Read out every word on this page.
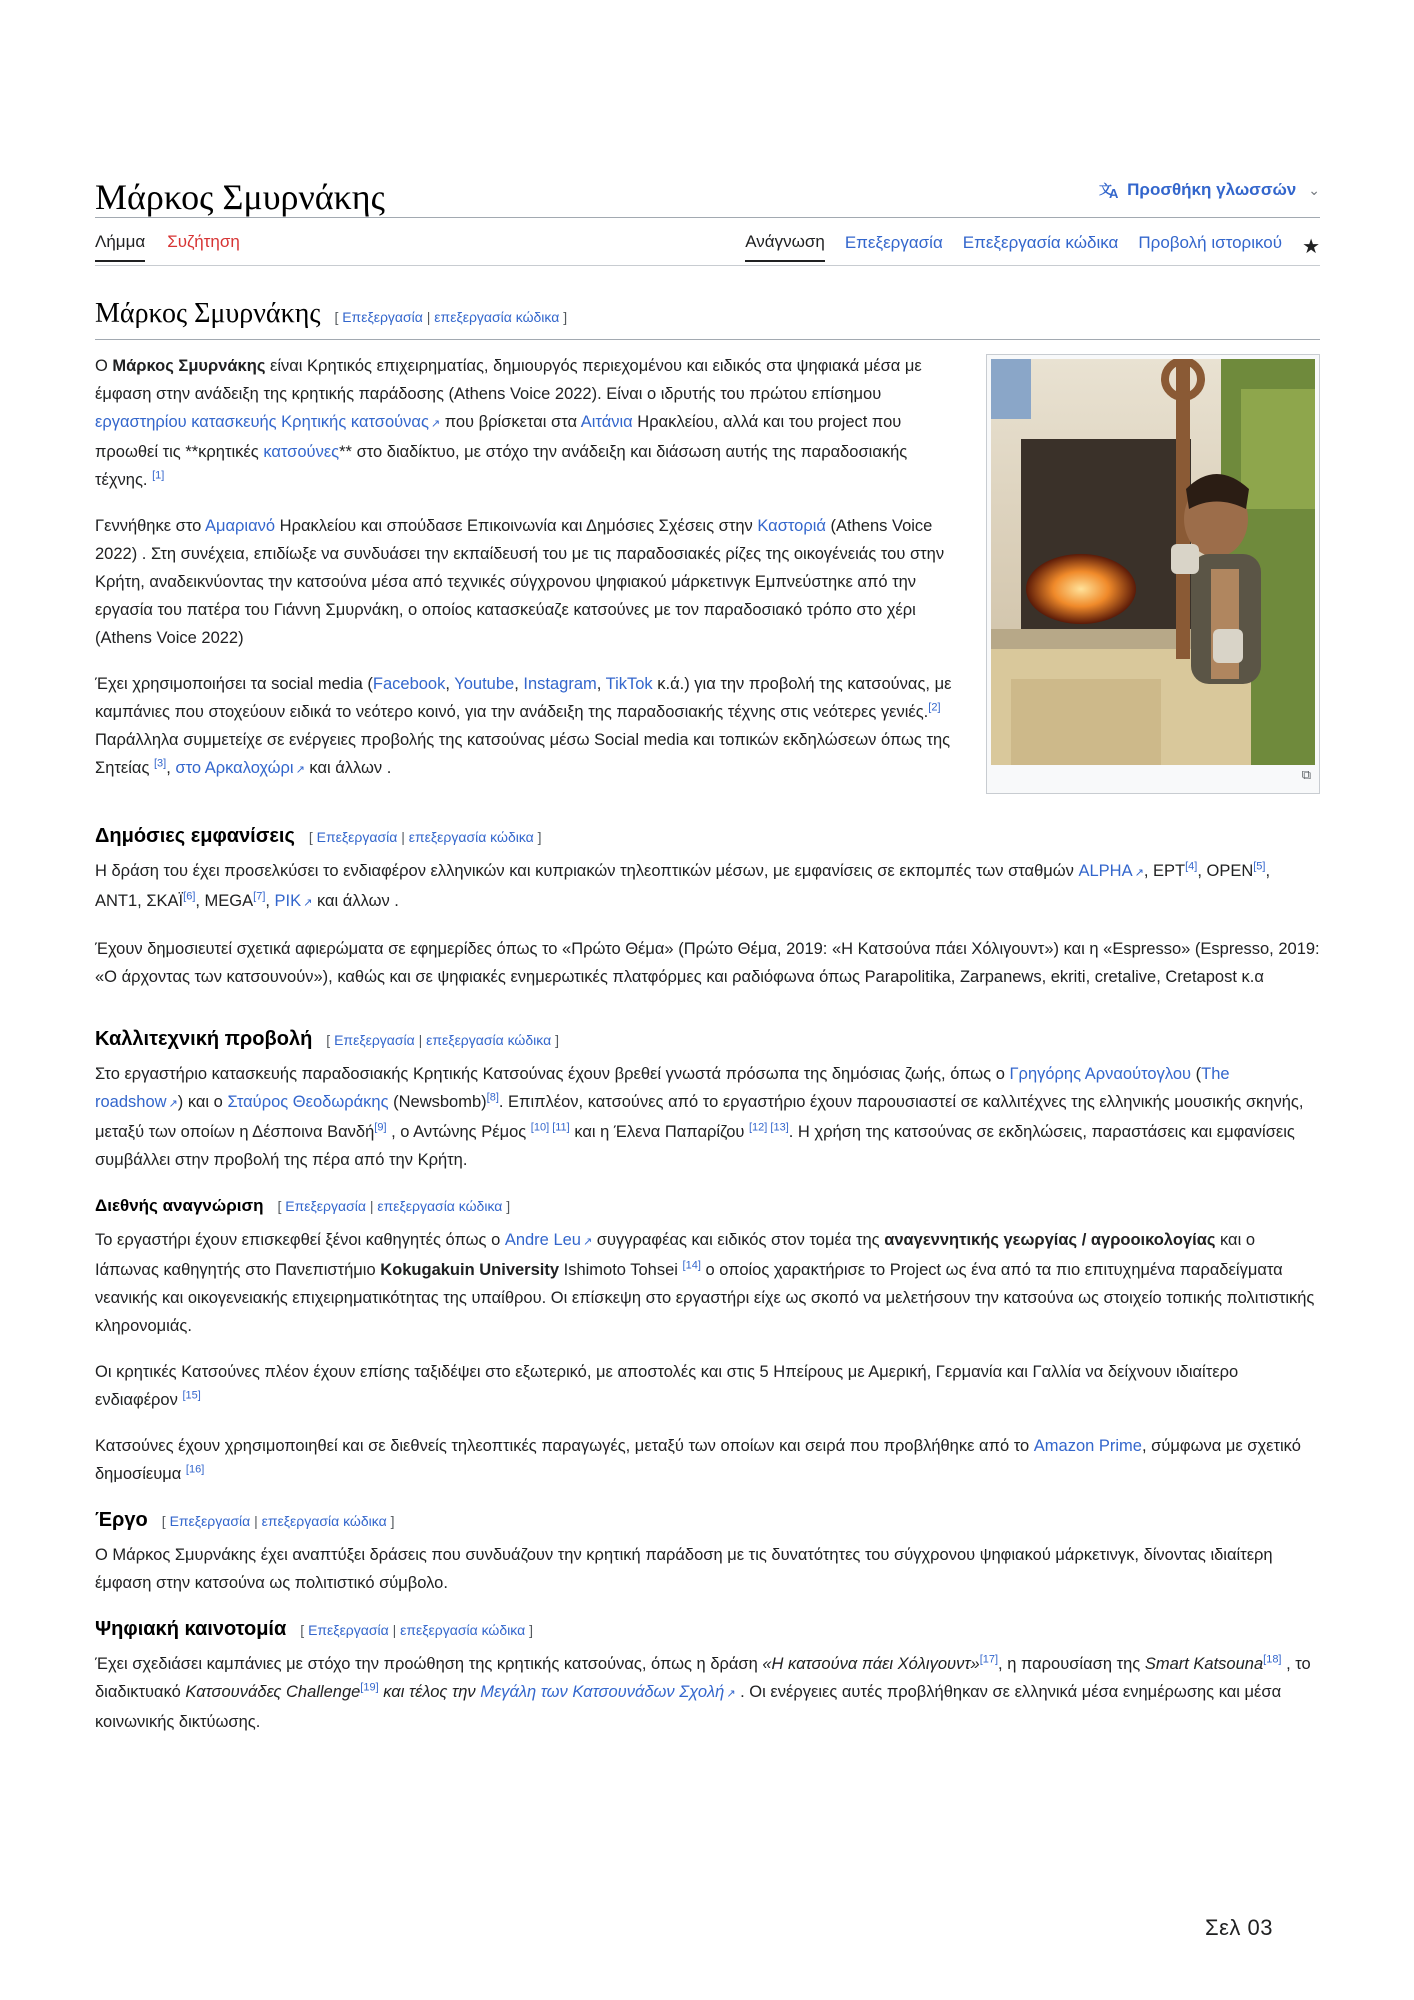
Μάρκος Σμυρνάκης	文
A Προσθήκη γλωσσών ⌄
Λήμμα Συζήτηση	Ανάγνωση Επεξεργασία Επεξεργασία κώδικα Προβολή ιστορικού ★
Μάρκος Σμυρνάκης [ Επεξεργασία | επεξεργασία κώδικα ]
⧉

Ο Μάρκος Σμυρνάκης είναι Κρητικός επιχειρηματίας, δημιουργός περιεχομένου και ειδικός στα ψηφιακά μέσα με έμφαση στην ανάδειξη της κρητικής παράδοσης (Athens Voice 2022). Είναι ο ιδρυτής του πρώτου επίσημου εργαστηρίου κατασκευής Κρητικής κατσούνας ↗ που βρίσκεται στα Αιτάνια Ηρακλείου, αλλά και του project που προωθεί τις **κρητικές κατσούνες** στο διαδίκτυο, με στόχο την ανάδειξη και διάσωση αυτής της παραδοσιακής τέχνης. [1]

Γεννήθηκε στο Αμαριανό Ηρακλείου και σπούδασε Επικοινωνία και Δημόσιες Σχέσεις στην Καστοριά (Athens Voice 2022) . Στη συνέχεια, επιδίωξε να συνδυάσει την εκπαίδευσή του με τις παραδοσιακές ρίζες της οικογένειάς του στην Κρήτη, αναδεικνύοντας την κατσούνα μέσα από τεχνικές σύγχρονου ψηφιακού μάρκετινγκ Εμπνεύστηκε από την εργασία του πατέρα του Γιάννη Σμυρνάκη, ο οποίος κατασκεύαζε κατσούνες με τον παραδοσιακό τρόπο στο χέρι (Athens Voice 2022)

Έχει χρησιμοποιήσει τα social media (Facebook, Youtube, Instagram, TikTok κ.ά.) για την προβολή της κατσούνας, με καμπάνιες που στοχεύουν ειδικά το νεότερο κοινό, για την ανάδειξη της παραδοσιακής τέχνης στις νεότερες γενιές.[2] Παράλληλα συμμετείχε σε ενέργειες προβολής της κατσούνας μέσω Social media και τοπικών εκδηλώσεων όπως της Σητείας [3], στο Αρκαλοχώρι ↗ και άλλων .

Δημόσιες εμφανίσεις [ Επεξεργασία | επεξεργασία κώδικα ]

Η δράση του έχει προσελκύσει το ενδιαφέρον ελληνικών και κυπριακών τηλεοπτικών μέσων, με εμφανίσεις σε εκπομπές των σταθμών ALPHA ↗ , ΕΡΤ[4], OPEN[5], ANT1, ΣΚΑΪ[6], MEGA[7], ΡΙΚ ↗ και άλλων .

Έχουν δημοσιευτεί σχετικά αφιερώματα σε εφημερίδες όπως το «Πρώτο Θέμα» (Πρώτο Θέμα, 2019: «Η Κατσούνα πάει Χόλιγουντ») και η «Espresso» (Espresso, 2019: «Ο άρχοντας των κατσουνούν»), καθώς και σε ψηφιακές ενημερωτικές πλατφόρμες και ραδιόφωνα όπως Parapolitika, Zarpanews, ekriti, cretalive, Cretapost κ.α

Καλλιτεχνική προβολή [ Επεξεργασία | επεξεργασία κώδικα ]

Στο εργαστήριο κατασκευής παραδοσιακής Κρητικής Κατσούνας έχουν βρεθεί γνωστά πρόσωπα της δημόσιας ζωής, όπως ο Γρηγόρης Αρναούτογλου (The roadshow ↗ ) και ο Σταύρος Θεοδωράκης (Newsbomb)[8]. Επιπλέον, κατσούνες από το εργαστήριο έχουν παρουσιαστεί σε καλλιτέχνες της ελληνικής μουσικής σκηνής, μεταξύ των οποίων η Δέσποινα Βανδή[9] , ο Αντώνης Ρέμος [10] [11] και η Έλενα Παπαρίζου [12] [13]. Η χρήση της κατσούνας σε εκδηλώσεις, παραστάσεις και εμφανίσεις συμβάλλει στην προβολή της πέρα από την Κρήτη.

Διεθνής αναγνώριση [ Επεξεργασία | επεξεργασία κώδικα ]

Το εργαστήρι έχουν επισκεφθεί ξένοι καθηγητές όπως ο Andre Leu ↗ συγγραφέας και ειδικός στον τομέα της αναγεννητικής γεωργίας / αγροοικολογίας και ο Ιάπωνας καθηγητής στο Πανεπιστήμιο Kokugakuin University Ishimoto Tohsei [14] ο οποίος χαρακτήρισε το Project ως ένα από τα πιο επιτυχημένα παραδείγματα νεανικής και οικογενειακής επιχειρηματικότητας της υπαίθρου. Οι επίσκεψη στο εργαστήρι είχε ως σκοπό να μελετήσουν την κατσούνα ως στοιχείο τοπικής πολιτιστικής κληρονομιάς.

Οι κρητικές Κατσούνες πλέον έχουν επίσης ταξιδέψει στο εξωτερικό, με αποστολές και στις 5 Ηπείρους με Αμερική, Γερμανία και Γαλλία να δείχνουν ιδιαίτερο ενδιαφέρον [15]

Κατσούνες έχουν χρησιμοποιηθεί και σε διεθνείς τηλεοπτικές παραγωγές, μεταξύ των οποίων και σειρά που προβλήθηκε από το Amazon Prime, σύμφωνα με σχετικό δημοσίευμα [16]

Έργο [ Επεξεργασία | επεξεργασία κώδικα ]

Ο Μάρκος Σμυρνάκης έχει αναπτύξει δράσεις που συνδυάζουν την κρητική παράδοση με τις δυνατότητες του σύγχρονου ψηφιακού μάρκετινγκ, δίνοντας ιδιαίτερη έμφαση στην κατσούνα ως πολιτιστικό σύμβολο.

Ψηφιακή καινοτομία [ Επεξεργασία | επεξεργασία κώδικα ]

Έχει σχεδιάσει καμπάνιες με στόχο την προώθηση της κρητικής κατσούνας, όπως η δράση «Η κατσούνα πάει Χόλιγουντ»[17], η παρουσίαση της Smart Katsouna[18] , το διαδικτυακό Κατσουνάδες Challenge[19] και τέλος την Μεγάλη των Κατσουνάδων Σχολή ↗ . Οι ενέργειες αυτές προβλήθηκαν σε ελληνικά μέσα ενημέρωσης και μέσα κοινωνικής δικτύωσης.

Σελ 03
